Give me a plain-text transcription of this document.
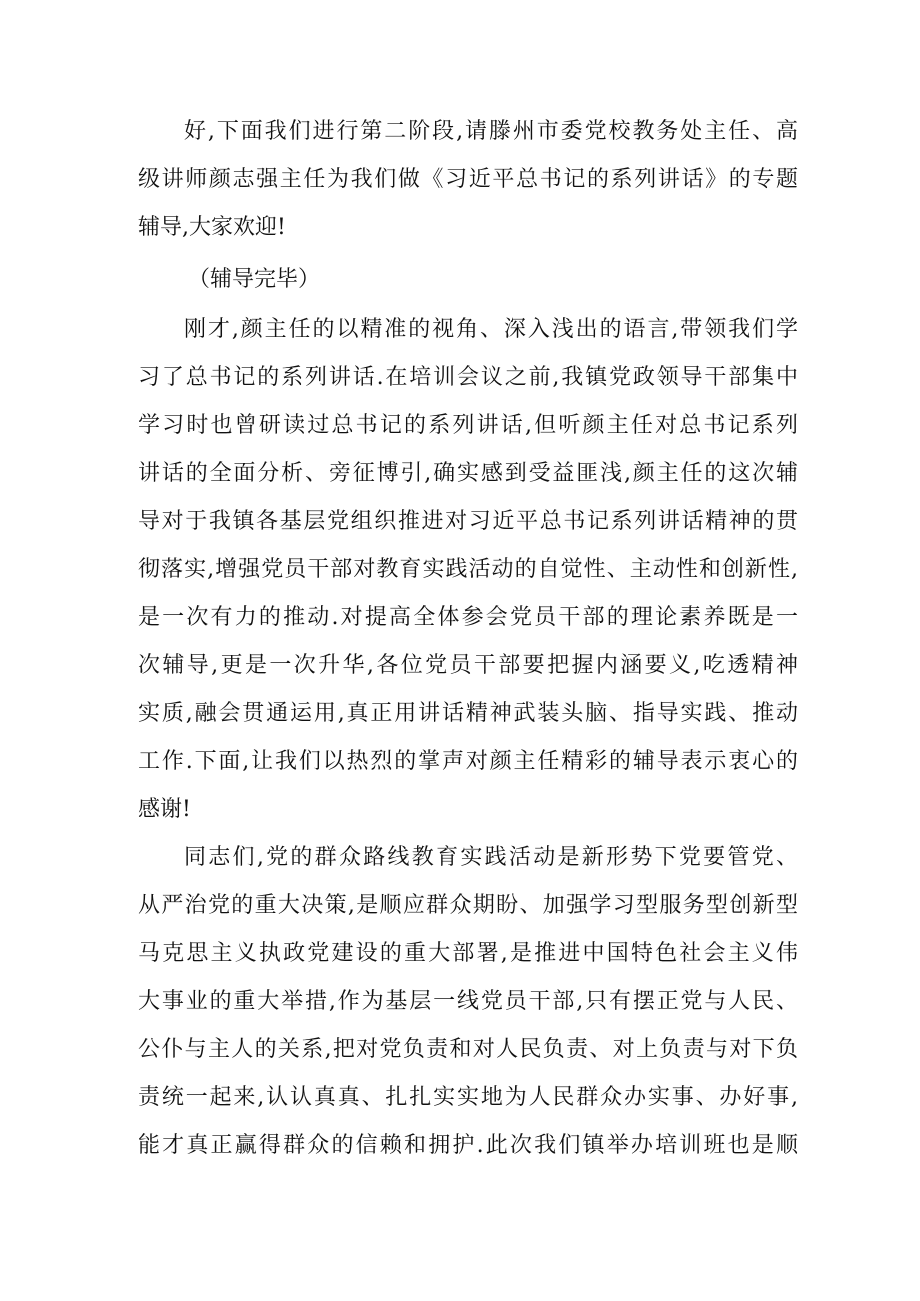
好,下面我们进行第二阶段,请滕州市委党校教务处主任、高
级讲师颜志强主任为我们做《习近平总书记的系列讲话》的专题
辅导,大家欢迎!
（辅导完毕）
刚才,颜主任的以精准的视角、深入浅出的语言,带领我们学
习了总书记的系列讲话.在培训会议之前,我镇党政领导干部集中
学习时也曾研读过总书记的系列讲话,但听颜主任对总书记系列
讲话的全面分析、旁征博引,确实感到受益匪浅,颜主任的这次辅
导对于我镇各基层党组织推进对习近平总书记系列讲话精神的贯
彻落实,增强党员干部对教育实践活动的自觉性、主动性和创新性,
是一次有力的推动.对提高全体参会党员干部的理论素养既是一
次辅导,更是一次升华,各位党员干部要把握内涵要义,吃透精神
实质,融会贯通运用,真正用讲话精神武装头脑、指导实践、推动
工作.下面,让我们以热烈的掌声对颜主任精彩的辅导表示衷心的
感谢!
同志们,党的群众路线教育实践活动是新形势下党要管党、
从严治党的重大决策,是顺应群众期盼、加强学习型服务型创新型
马克思主义执政党建设的重大部署,是推进中国特色社会主义伟
大事业的重大举措,作为基层一线党员干部,只有摆正党与人民、
公仆与主人的关系,把对党负责和对人民负责、对上负责与对下负
责统一起来,认认真真、扎扎实实地为人民群众办实事、办好事,
能才真正赢得群众的信赖和拥护.此次我们镇举办培训班也是顺
